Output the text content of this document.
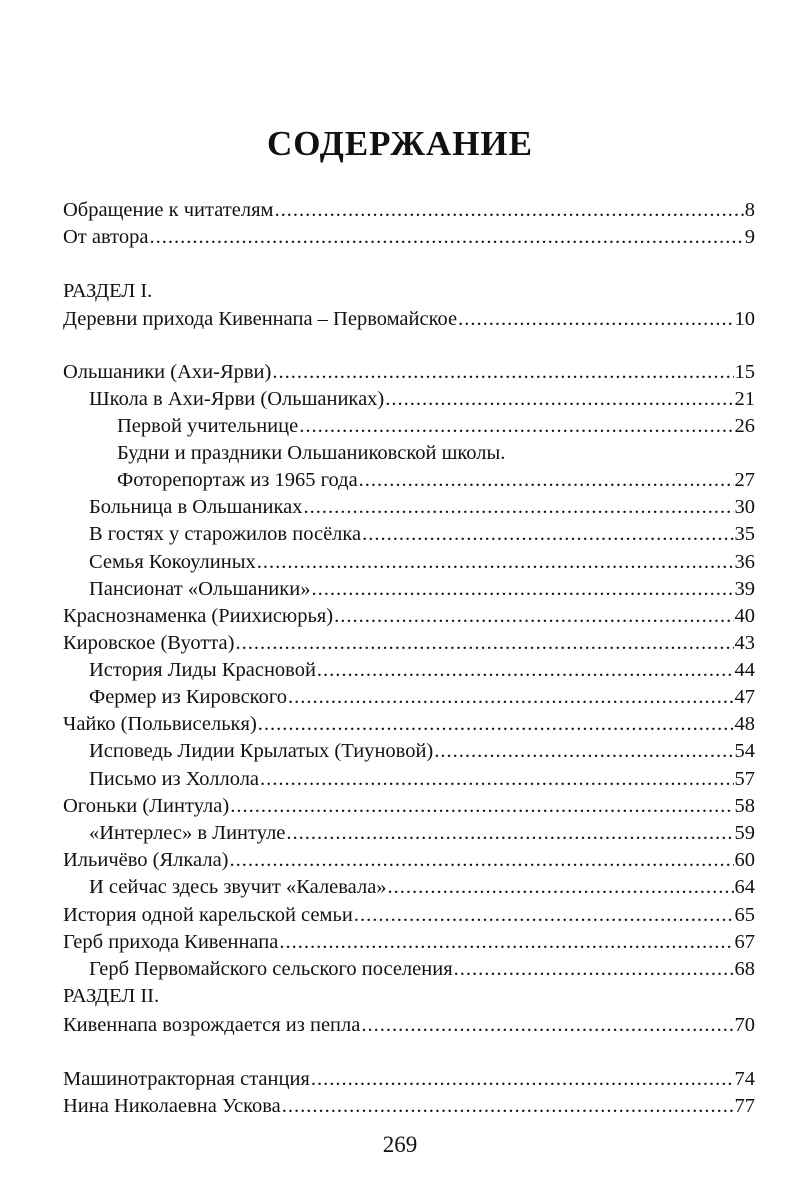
СОДЕРЖАНИЕ
Обращение к читателям .....	8
От автора .....	9
РАЗДЕЛ I.
Деревни прихода Кивеннапа – Первомайское .....	10
Ольшаники (Ахи-Ярви) .....	15
Школа в Ахи-Ярви (Ольшаниках) .....	21
Первой учительнице .....	26
Будни и праздники Ольшаниковской школы.
Фоторепортаж из 1965 года .....	27
Больница в Ольшаниках .....	30
В гостях у старожилов посёлка .....	35
Семья Кокоулиных .....	36
Пансионат «Ольшаники» .....	39
Краснознаменка (Риихисюрья) .....	40
Кировское (Вуотта) .....	43
История Лиды Красновой .....	44
Фермер из Кировского .....	47
Чайко (Польвиселькя) .....	48
Исповедь Лидии Крылатых (Тиуновой) .....	54
Письмо из Холлола .....	57
Огоньки (Линтула) .....	58
«Интерлес» в Линтуле .....	59
Ильичёво (Ялкала) .....	60
И сейчас здесь звучит «Калевала» .....	64
История одной карельской семьи .....	65
Герб прихода Кивеннапа .....	67
Герб Первомайского сельского поселения .....	68
РАЗДЕЛ II.
Кивеннапа возрождается из пепла .....	70
Машинотракторная станция .....	74
Нина Николаевна Ускова .....	77
269
